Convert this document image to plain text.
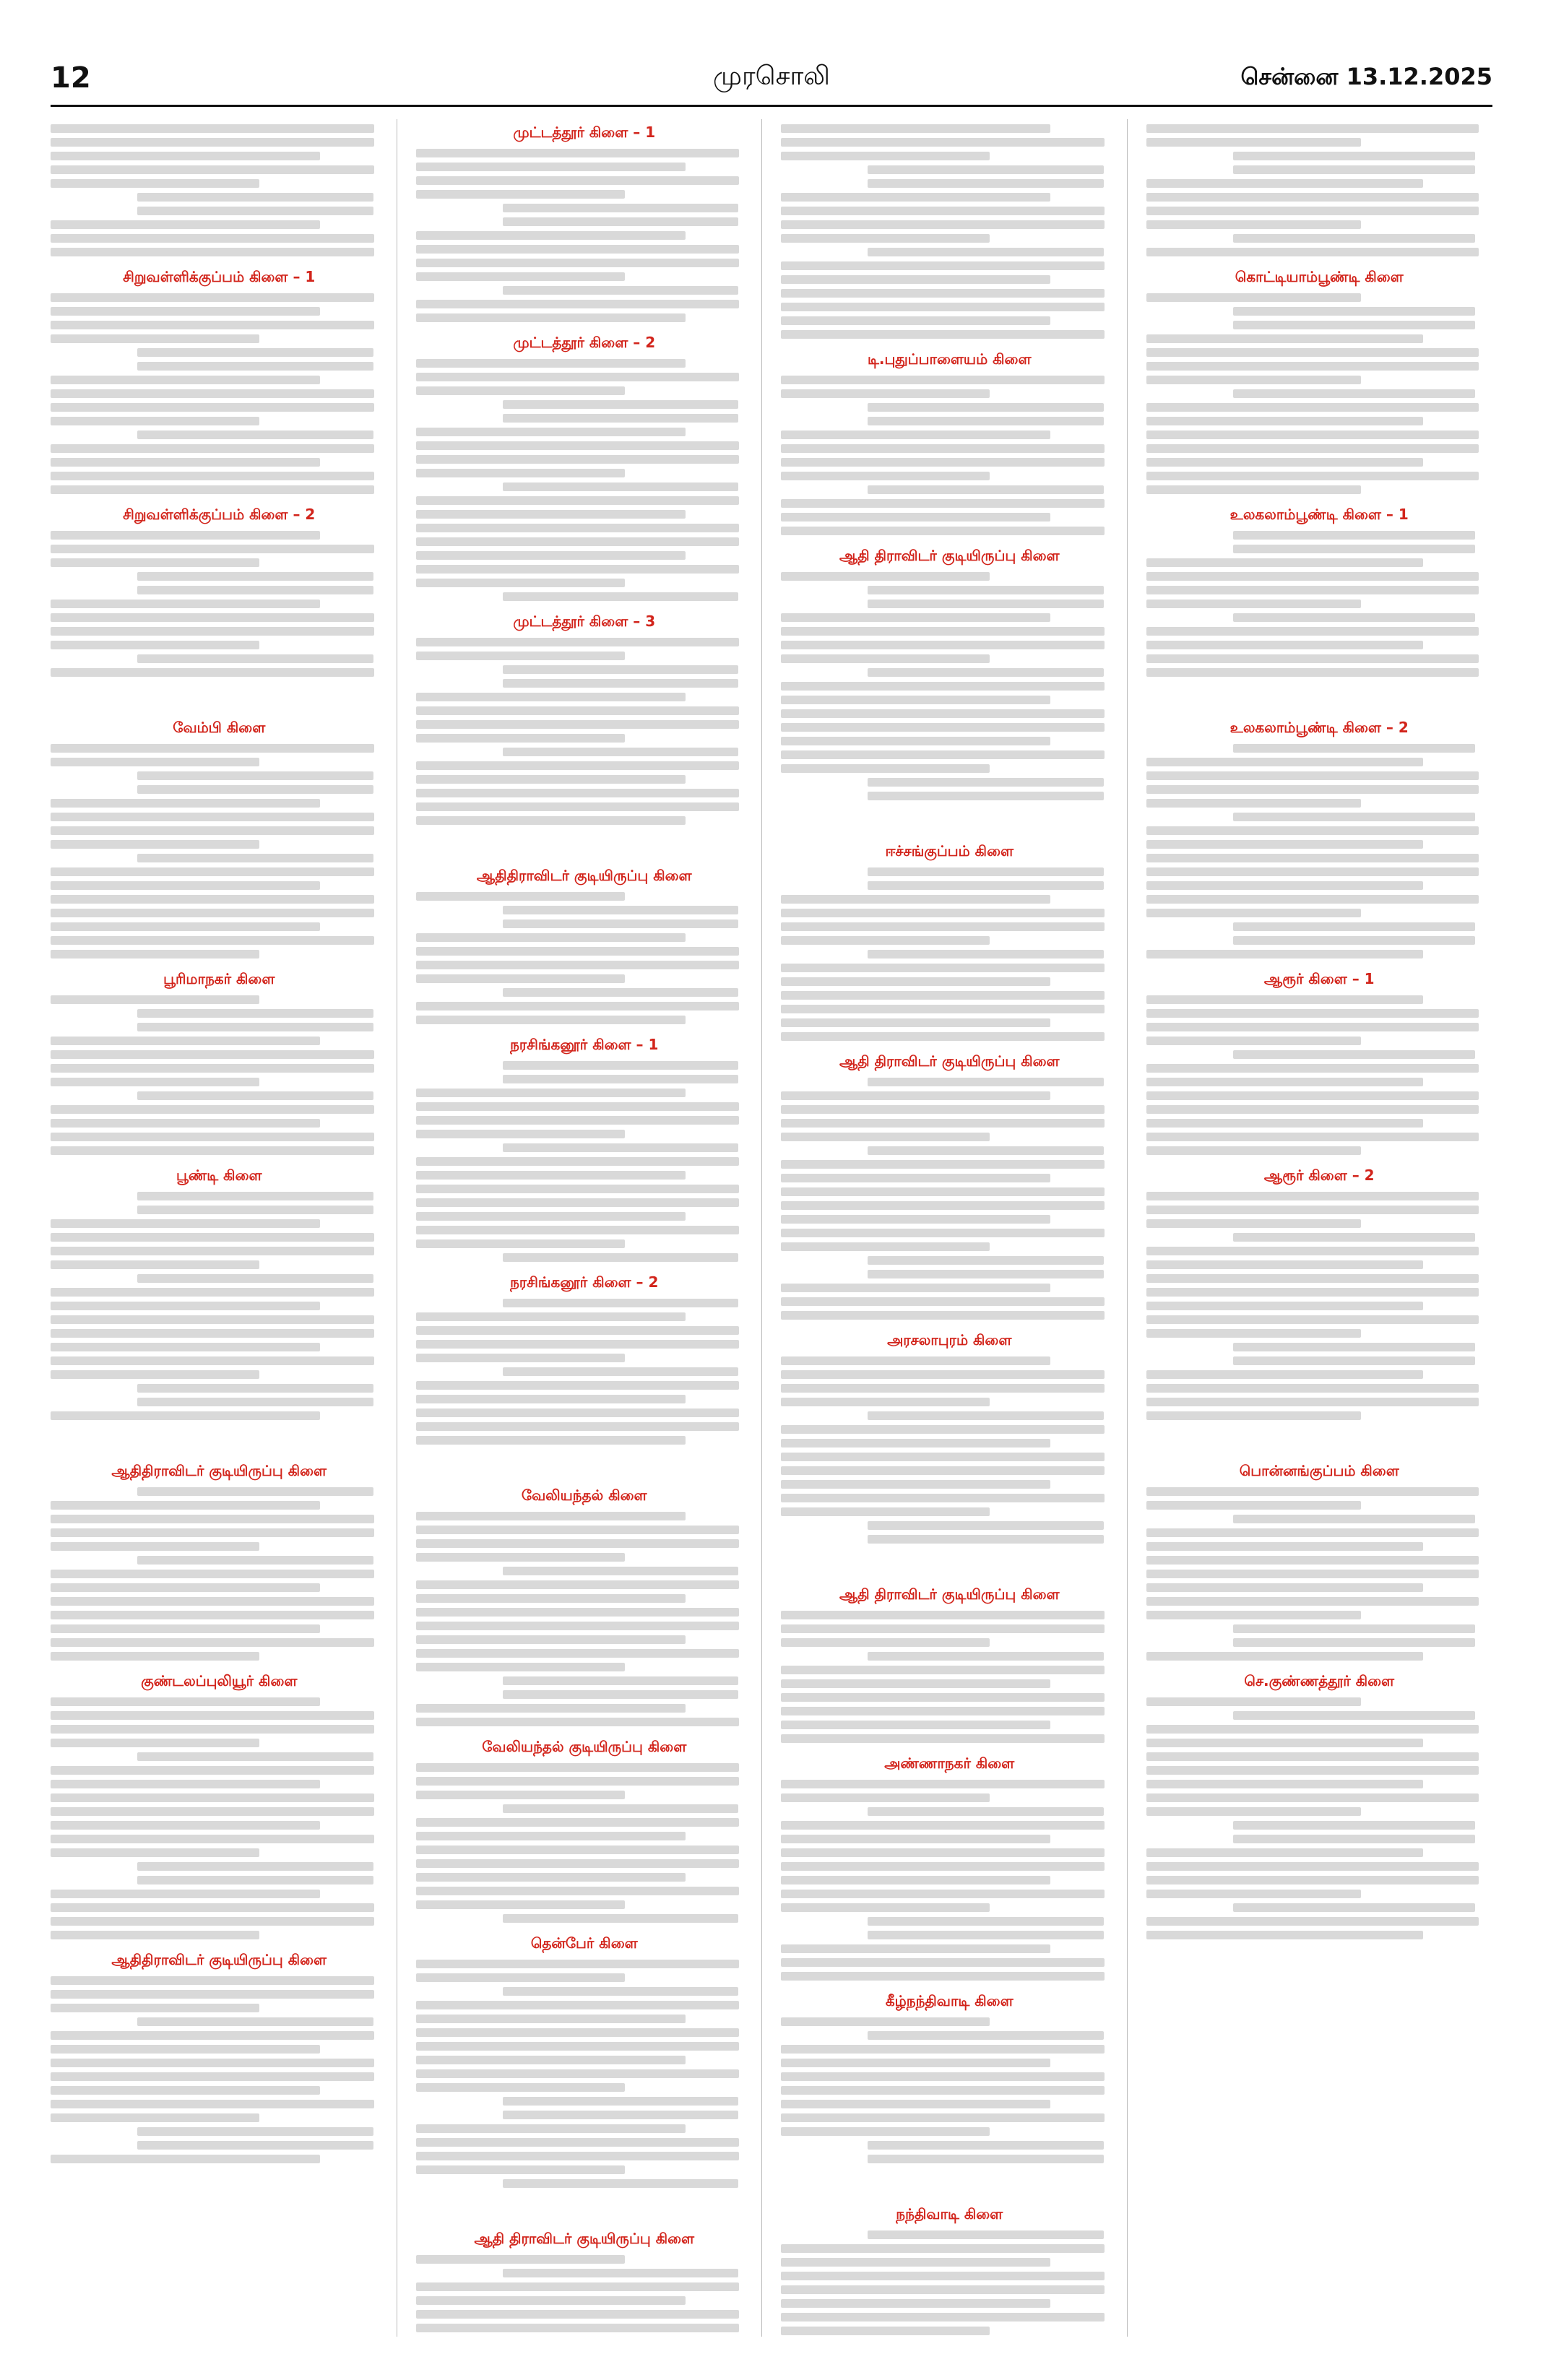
12	முரசொலி	சென்னை 13.12.2025
சிறுவள்ளிக்குப்பம் கிளை – 1
சிறுவள்ளிக்குப்பம் கிளை – 2
வேம்பி கிளை
பூரிமாநகர் கிளை
பூண்டி கிளை
ஆதிதிராவிடர் குடியிருப்பு கிளை
குண்டலப்புலியூர் கிளை
ஆதிதிராவிடர் குடியிருப்பு கிளை
முட்டத்தூர் கிளை – 1
முட்டத்தூர் கிளை – 2
முட்டத்தூர் கிளை – 3
ஆதிதிராவிடர் குடியிருப்பு கிளை
நரசிங்கனூர் கிளை – 1
நரசிங்கனூர் கிளை – 2
வேலியந்தல் கிளை
வேலியந்தல் குடியிருப்பு கிளை
தென்பேர் கிளை
ஆதி திராவிடர் குடியிருப்பு கிளை
டி.புதுப்பாளையம் கிளை
ஆதி திராவிடர் குடியிருப்பு கிளை
ஈச்சங்குப்பம் கிளை
ஆதி திராவிடர் குடியிருப்பு கிளை
அரசலாபுரம் கிளை
ஆதி திராவிடர் குடியிருப்பு கிளை
அண்ணாநகர் கிளை
கீழ்நந்திவாடி கிளை
நந்திவாடி கிளை
கொட்டியாம்பூண்டி கிளை
உலகலாம்பூண்டி கிளை – 1
உலகலாம்பூண்டி கிளை – 2
ஆரூர் கிளை – 1
ஆரூர் கிளை – 2
பொன்னங்குப்பம் கிளை
செ.குண்ணத்தூர் கிளை
